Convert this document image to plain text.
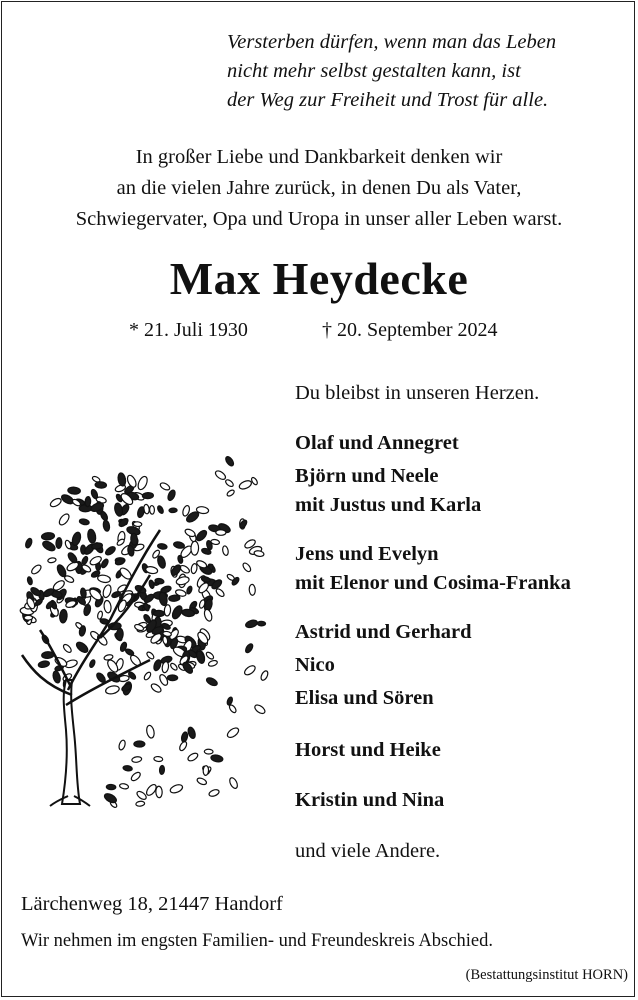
Versterben dürfen, wenn man das Leben
nicht mehr selbst gestalten kann, ist
der Weg zur Freiheit und Trost für alle.
In großer Liebe und Dankbarkeit denken wir
an die vielen Jahre zurück, in denen Du als Vater,
Schwiegervater, Opa und Uropa in unser aller Leben warst.
Max Heydecke
* 21. Juli 1930	† 20. September 2024
Du bleibst in unseren Herzen.
Olaf und Annegret
Björn und Neele
mit Justus und Karla
Jens und Evelyn
mit Elenor und Cosima-Franka
Astrid und Gerhard
Nico
Elisa und Sören
Horst und Heike
Kristin und Nina
und viele Andere.
Lärchenweg 18, 21447 Handorf
Wir nehmen im engsten Familien- und Freundeskreis Abschied.
(Bestattungsinstitut HORN)
